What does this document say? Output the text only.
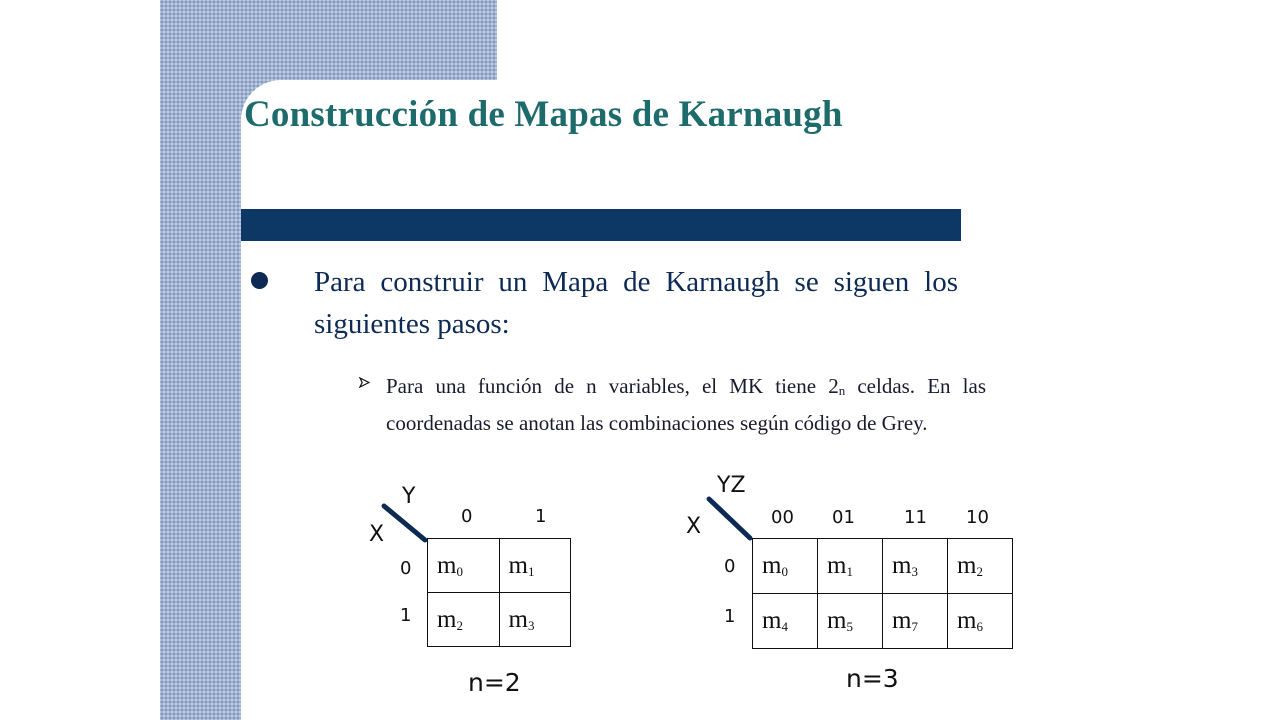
Construcción de Mapas de Karnaugh

Para construir un Mapa de Karnaugh se siguen los siguientes pasos:

Para una función de n variables, el MK tiene $2_n$ celdas. En las coordenadas se anotan las combinaciones según código de Grey.

Y
X
0	1
0
1
$m_0$	$m_1$
$m_2$	$m_3$
n=2
YZ
X	00 01	11 10
0
1
$m_0$	$m_1$	$m_3$	$m_2$
$m_4$	$m_5$	$m_7$	$m_6$
n=3
